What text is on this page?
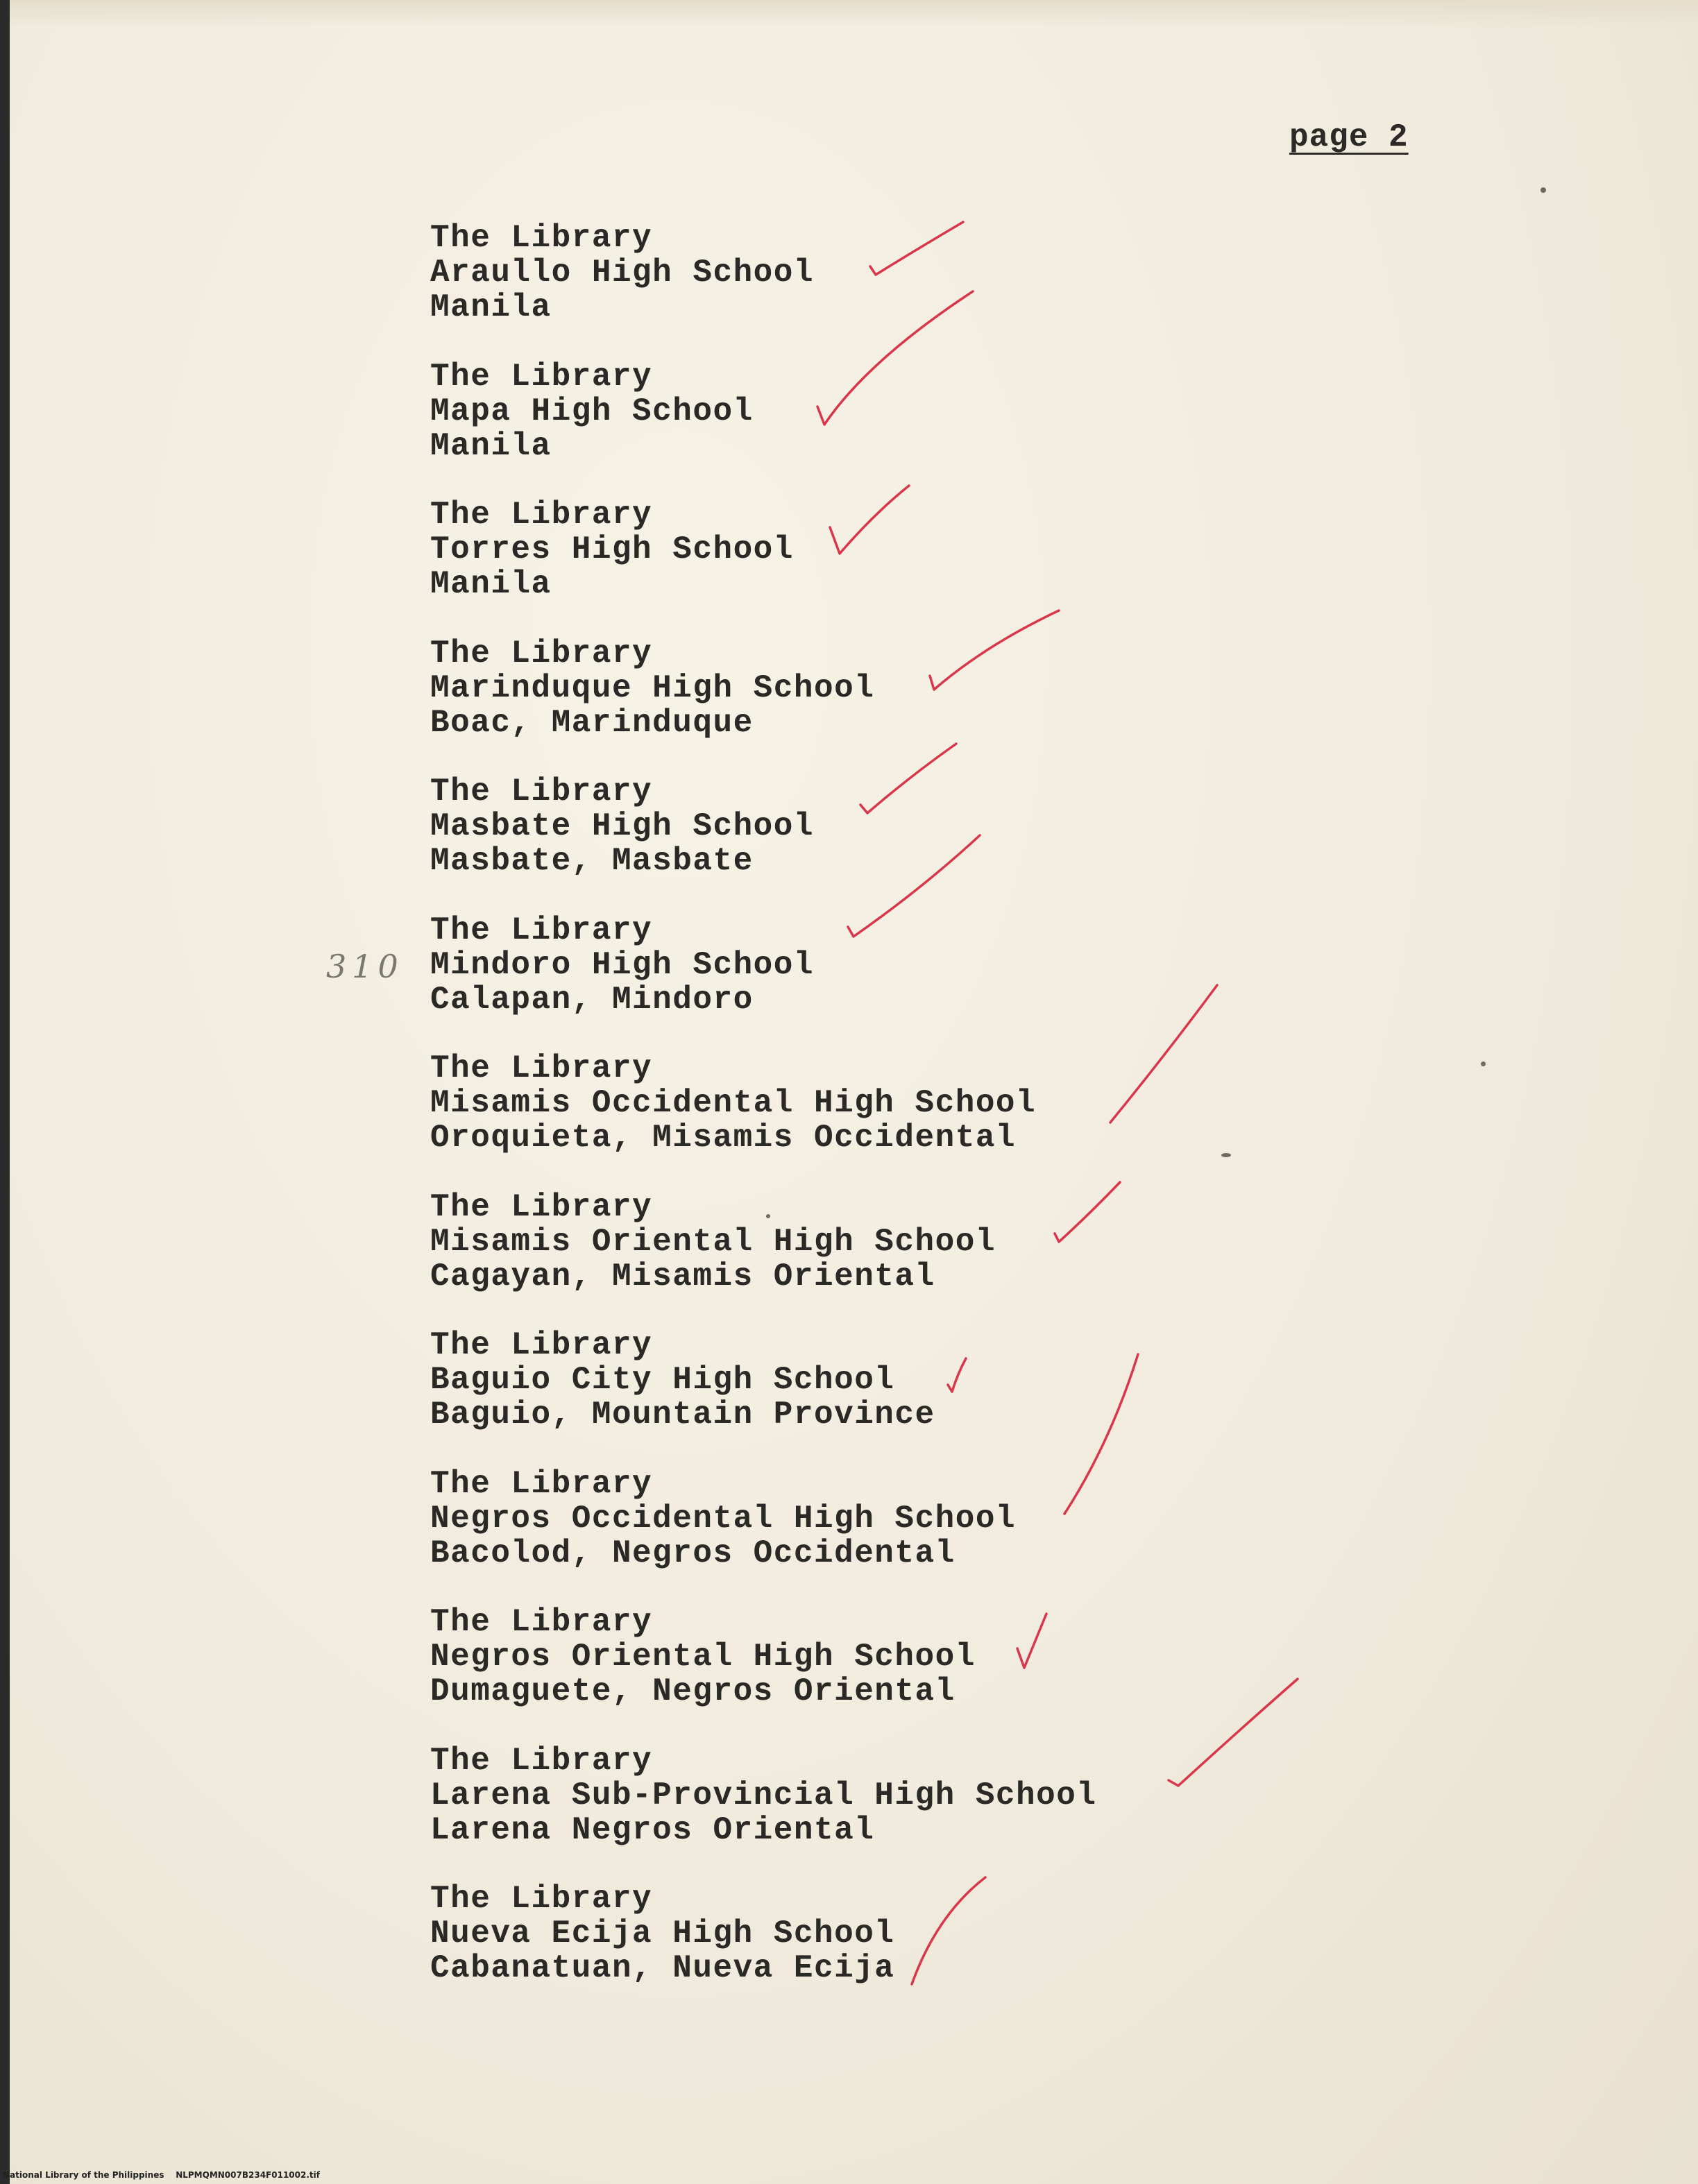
page 2
310
The Library
Araullo High School
Manila
The Library
Mapa High School
Manila
The Library
Torres High School
Manila
The Library
Marinduque High School
Boac, Marinduque
The Library
Masbate High School
Masbate, Masbate
The Library
Mindoro High School
Calapan, Mindoro
The Library
Misamis Occidental High School
Oroquieta, Misamis Occidental
The Library
Misamis Oriental High School
Cagayan, Misamis Oriental
The Library
Baguio City High School
Baguio, Mountain Province
The Library
Negros Occidental High School
Bacolod, Negros Occidental
The Library
Negros Oriental High School
Dumaguete, Negros Oriental
The Library
Larena Sub-Provincial High School
Larena Negros Oriental
The Library
Nueva Ecija High School
Cabanatuan, Nueva Ecija
National Library of the Philippines    NLPMQMN007B234F011002.tif
